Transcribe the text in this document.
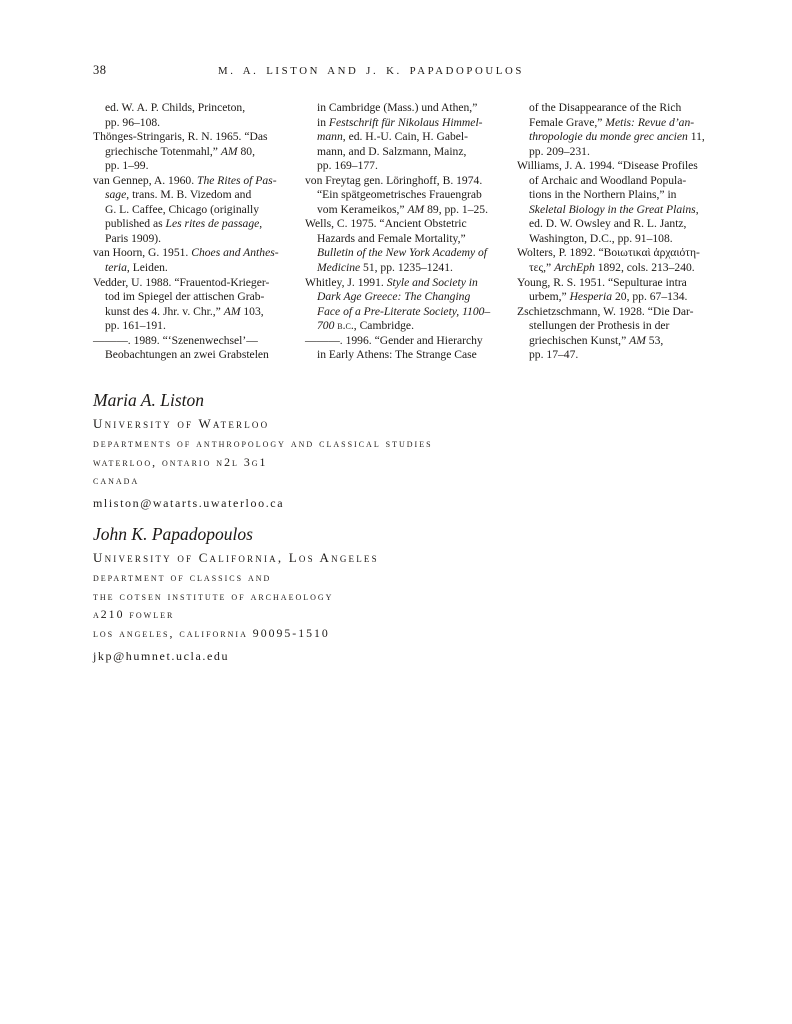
38	M. A. LISTON AND J. K. PAPADOPOULOS
ed. W. A. P. Childs, Princeton,
pp. 96–108.
Thönges-Stringaris, R. N. 1965. “Das
griechische Totenmahl,” AM 80,
pp. 1–99.
van Gennep, A. 1960. The Rites of Pas-
sage, trans. M. B. Vizedom and
G. L. Caffee, Chicago (originally
published as Les rites de passage,
Paris 1909).
van Hoorn, G. 1951. Choes and Anthes-
teria, Leiden.
Vedder, U. 1988. “Frauentod-Krieger-
tod im Spiegel der attischen Grab-
kunst des 4. Jhr. v. Chr.,” AM 103,
pp. 161–191.
———. 1989. “‘Szenenwechsel’—
Beobachtungen an zwei Grabstelen
in Cambridge (Mass.) und Athen,”
in Festschrift für Nikolaus Himmel-
mann, ed. H.-U. Cain, H. Gabel-
mann, and D. Salzmann, Mainz,
pp. 169–177.
von Freytag gen. Löringhoff, B. 1974.
“Ein spätgeometrisches Frauengrab
vom Kerameikos,” AM 89, pp. 1–25.
Wells, C. 1975. “Ancient Obstetric
Hazards and Female Mortality,”
Bulletin of the New York Academy of
Medicine 51, pp. 1235–1241.
Whitley, J. 1991. Style and Society in
Dark Age Greece: The Changing
Face of a Pre-Literate Society, 1100–
700 b.c., Cambridge.
———. 1996. “Gender and Hierarchy
in Early Athens: The Strange Case
of the Disappearance of the Rich
Female Grave,” Metis: Revue d’an-
thropologie du monde grec ancien 11,
pp. 209–231.
Williams, J. A. 1994. “Disease Profiles
of Archaic and Woodland Popula-
tions in the Northern Plains,” in
Skeletal Biology in the Great Plains,
ed. D. W. Owsley and R. L. Jantz,
Washington, D.C., pp. 91–108.
Wolters, P. 1892. “Βοιωτικαὶ ἀρχαιότη-
τες,” ArchEph 1892, cols. 213–240.
Young, R. S. 1951. “Sepulturae intra
urbem,” Hesperia 20, pp. 67–134.
Zschietzschmann, W. 1928. “Die Dar-
stellungen der Prothesis in der
griechischen Kunst,” AM 53,
pp. 17–47.
Maria A. Liston
University of Waterloo
departments of anthropology and classical studies
waterloo, ontario n2l 3g1
canada
mliston@watarts.uwaterloo.ca
John K. Papadopoulos
University of California, Los Angeles
department of classics and
the cotsen institute of archaeology
a210 fowler
los angeles, california 90095-1510
jkp@humnet.ucla.edu
